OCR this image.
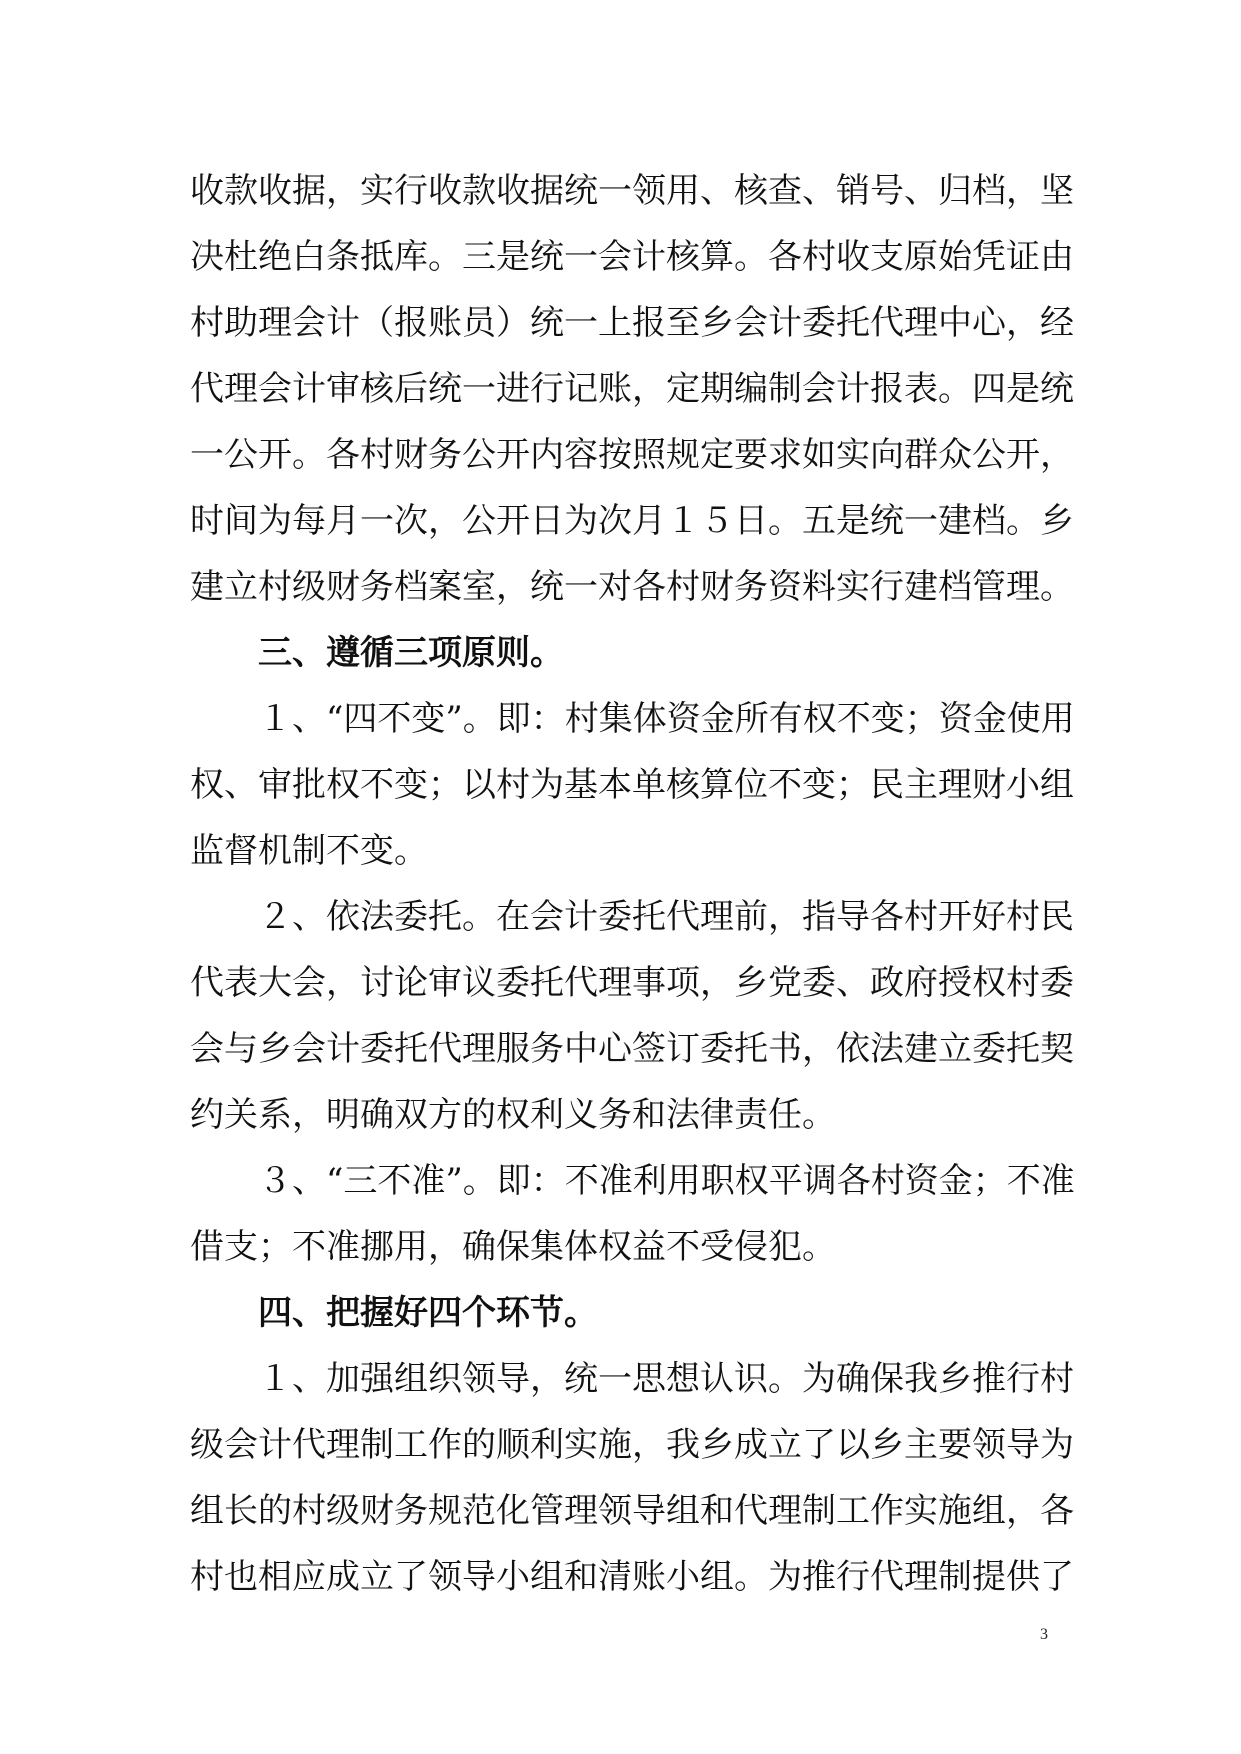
收款收据，实行收款收据统一领用、核查、销号、归档，坚
决杜绝白条抵库。三是统一会计核算。各村收支原始凭证由
村助理会计（报账员）统一上报至乡会计委托代理中心，经
代理会计审核后统一进行记账，定期编制会计报表。四是统
一公开。各村财务公开内容按照规定要求如实向群众公开，
时间为每月一次，公开日为次月１５日。五是统一建档。乡
建立村级财务档案室，统一对各村财务资料实行建档管理。
三、遵循三项原则。
１、“四不变”。即：村集体资金所有权不变；资金使用
权、审批权不变；以村为基本单核算位不变；民主理财小组
监督机制不变。
２、依法委托。在会计委托代理前，指导各村开好村民
代表大会，讨论审议委托代理事项，乡党委、政府授权村委
会与乡会计委托代理服务中心签订委托书，依法建立委托契
约关系，明确双方的权利义务和法律责任。
３、“三不准”。即：不准利用职权平调各村资金；不准
借支；不准挪用，确保集体权益不受侵犯。
四、把握好四个环节。
１、加强组织领导，统一思想认识。为确保我乡推行村
级会计代理制工作的顺利实施，我乡成立了以乡主要领导为
组长的村级财务规范化管理领导组和代理制工作实施组，各
村也相应成立了领导小组和清账小组。为推行代理制提供了
3
